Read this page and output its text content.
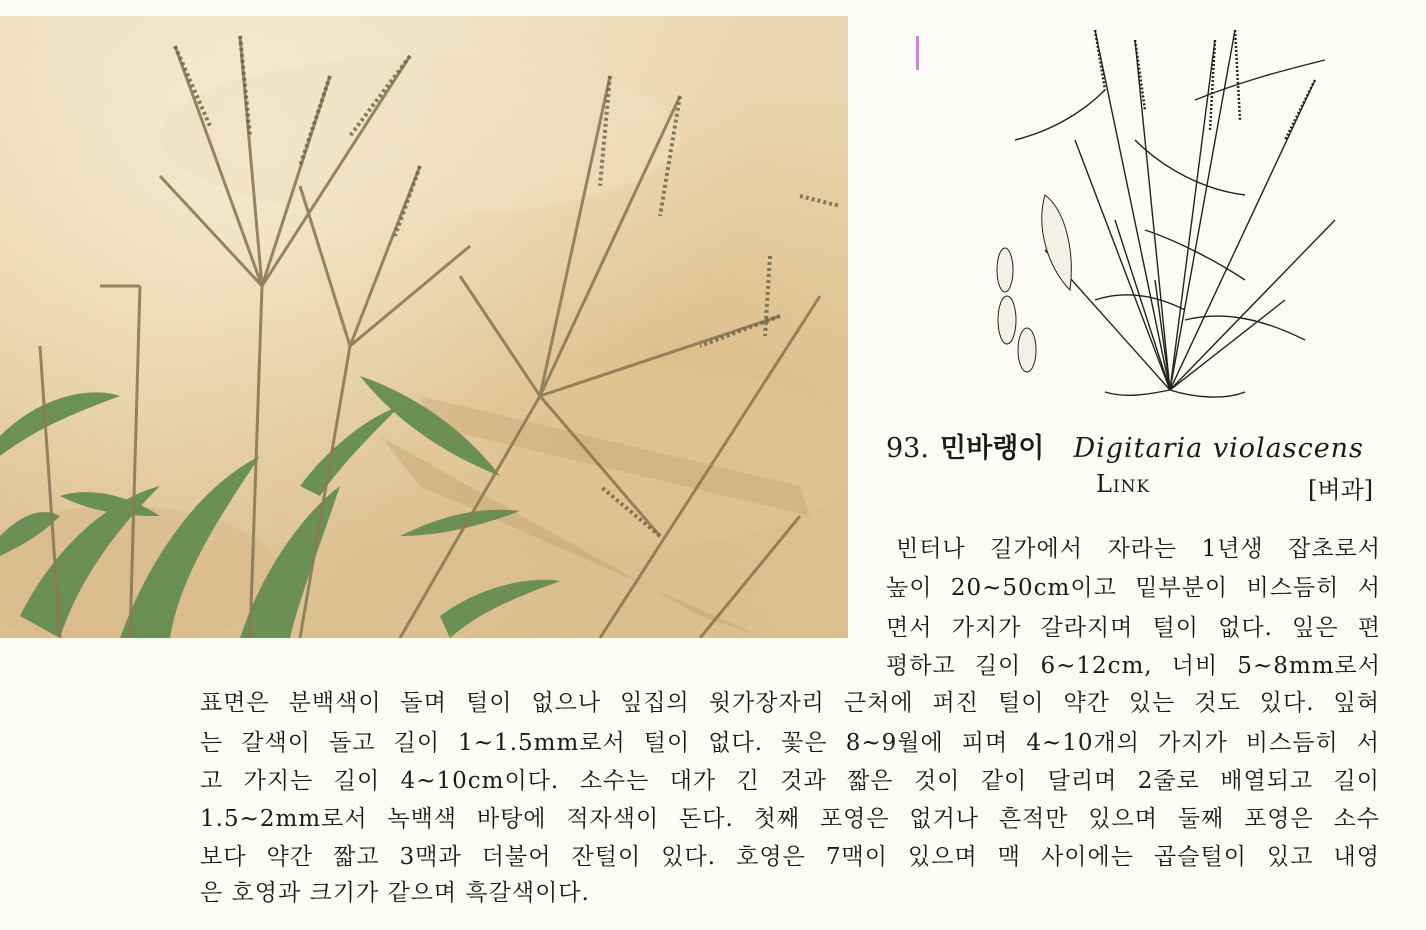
93. 민바랭이 Digitaria violascens
Link	[벼과]
빈터나 길가에서 자라는 1년생 잡초로서
높이 20~50cm이고 밑부분이 비스듬히 서
면서 가지가 갈라지며 털이 없다. 잎은 편
평하고 길이 6~12cm, 너비 5~8mm로서
표면은 분백색이 돌며 털이 없으나 잎집의 윗가장자리 근처에 퍼진 털이 약간 있는 것도 있다. 잎혀
는 갈색이 돌고 길이 1~1.5mm로서 털이 없다. 꽃은 8~9월에 피며 4~10개의 가지가 비스듬히 서
고 가지는 길이 4~10cm이다. 소수는 대가 긴 것과 짧은 것이 같이 달리며 2줄로 배열되고 길이
1.5~2mm로서 녹백색 바탕에 적자색이 돈다. 첫째 포영은 없거나 흔적만 있으며 둘째 포영은 소수
보다 약간 짧고 3맥과 더불어 잔털이 있다. 호영은 7맥이 있으며 맥 사이에는 곱슬털이 있고 내영
은 호영과 크기가 같으며 흑갈색이다.
